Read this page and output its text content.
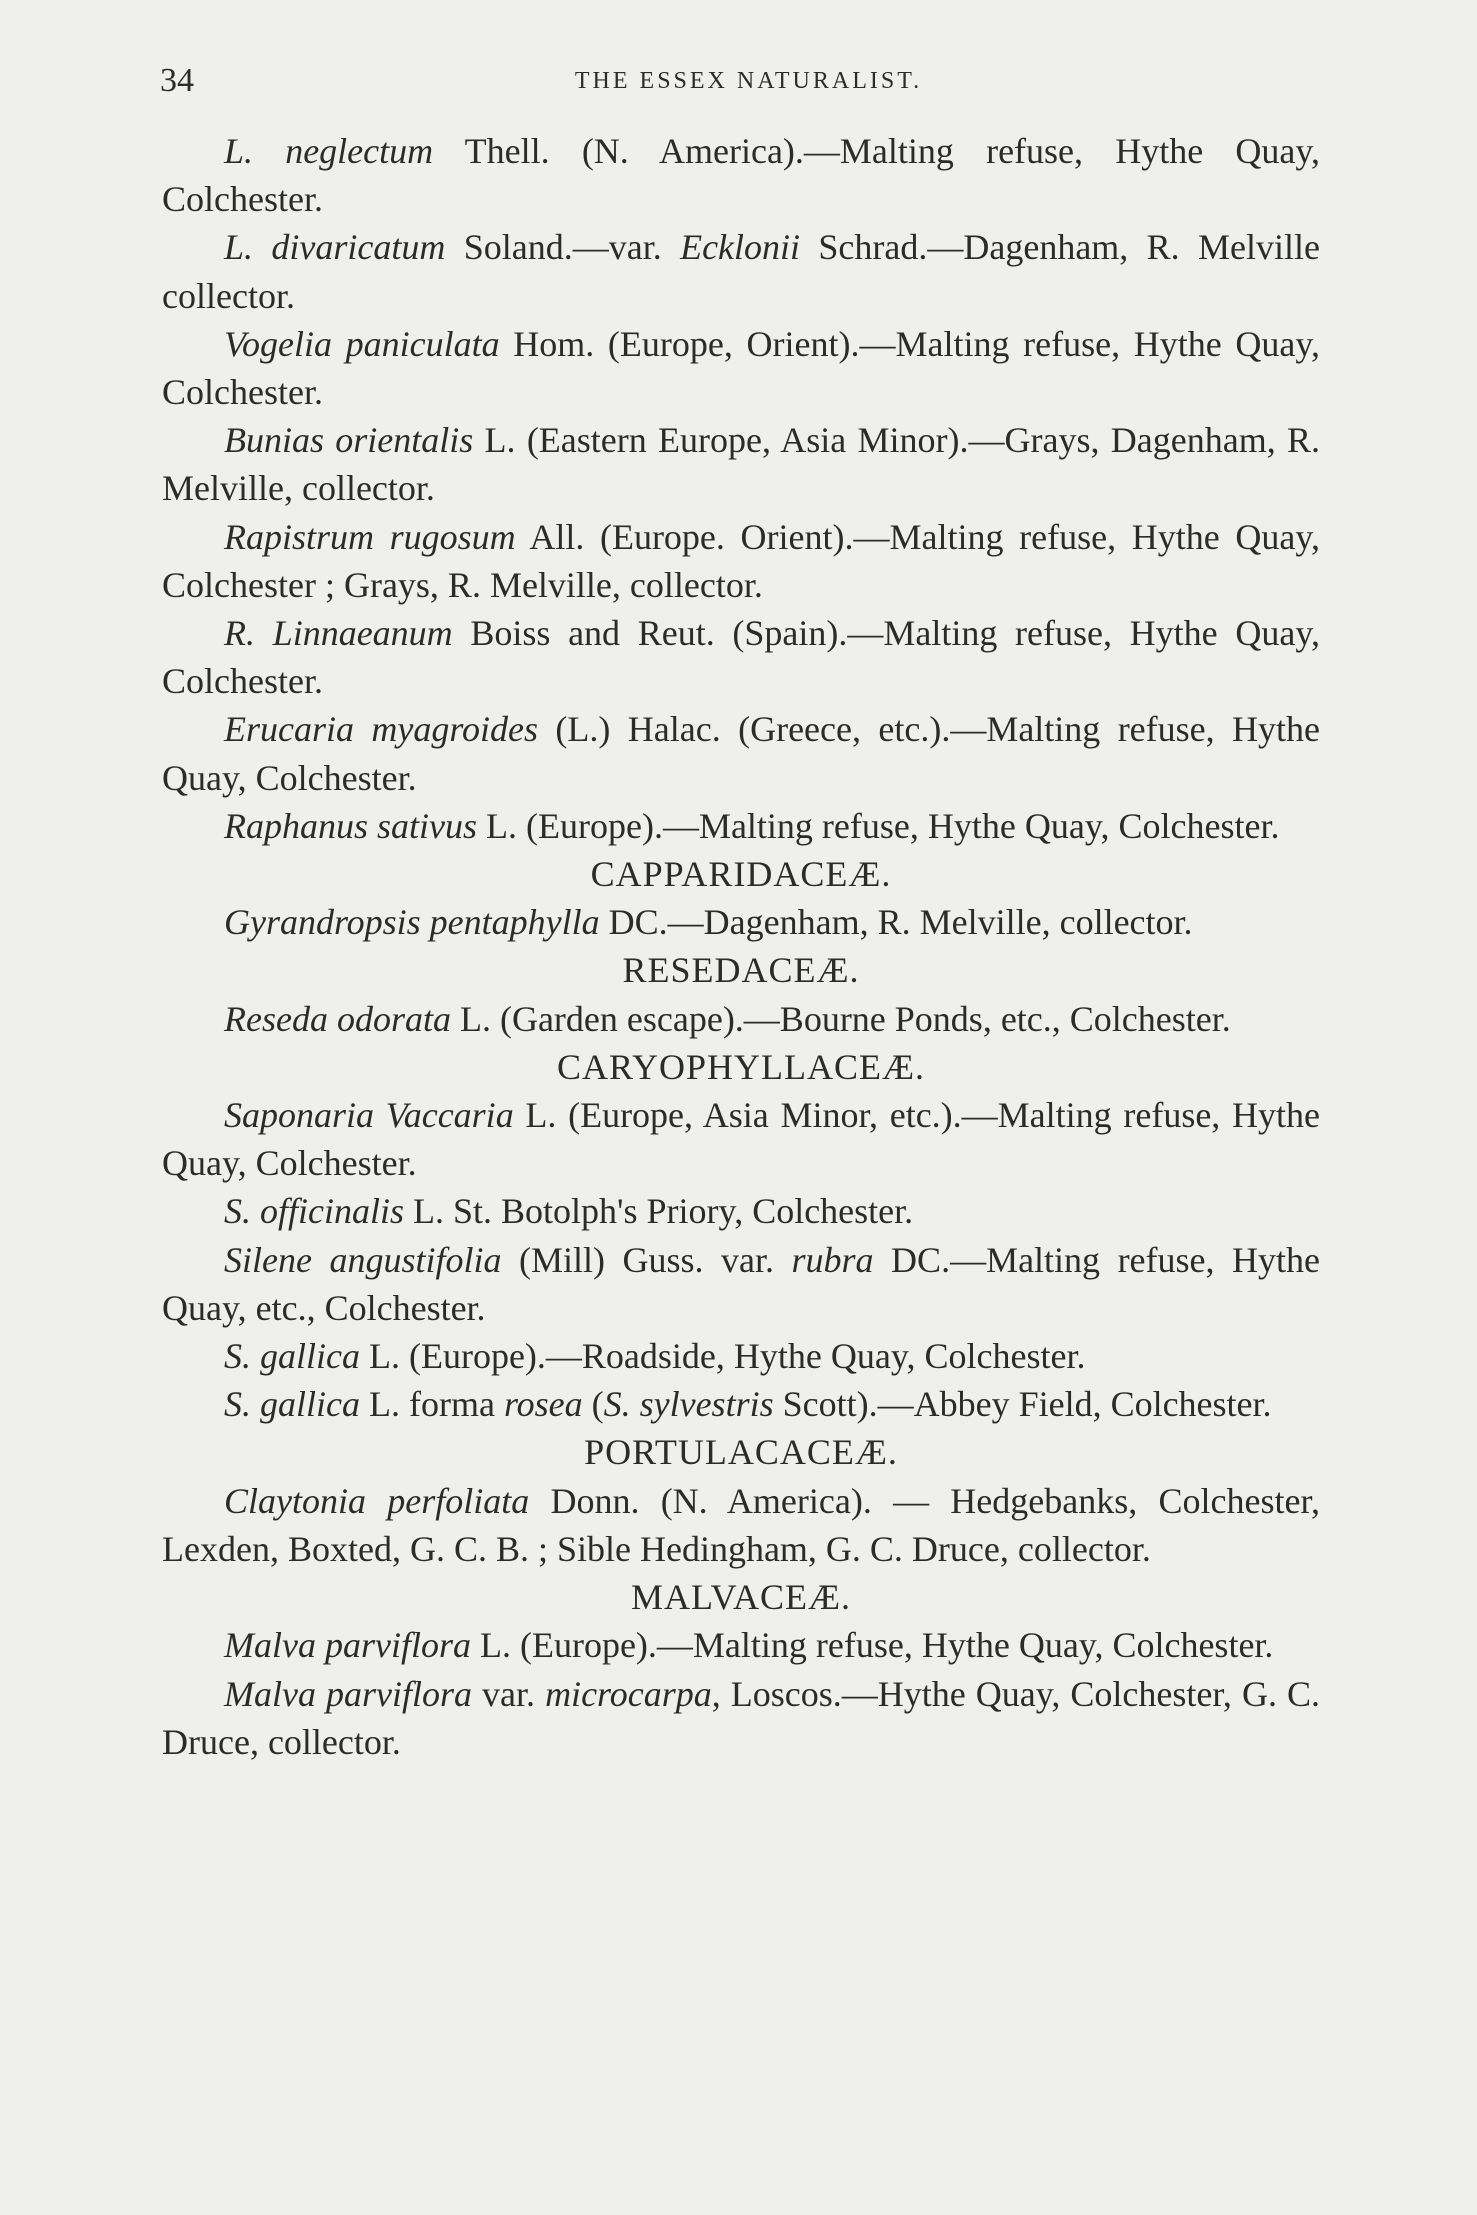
34	THE ESSEX NATURALIST.

L. neglectum Thell. (N. America).—Malting refuse, Hythe Quay, Colchester.

L. divaricatum Soland.—var. Ecklonii Schrad.—Dagenham, R. Melville collector.

Vogelia paniculata Hom. (Europe, Orient).—Malting refuse, Hythe Quay, Colchester.

Bunias orientalis L. (Eastern Europe, Asia Minor).—Grays, Dagenham, R. Melville, collector.

Rapistrum rugosum All. (Europe. Orient).—Malting refuse, Hythe Quay, Colchester ; Grays, R. Melville, collector.

R. Linnaeanum Boiss and Reut. (Spain).—Malting refuse, Hythe Quay, Colchester.

Erucaria myagroides (L.) Halac. (Greece, etc.).—Malting refuse, Hythe Quay, Colchester.

Raphanus sativus L. (Europe).—Malting refuse, Hythe Quay, Colchester.

CAPPARIDACEÆ.

Gyrandropsis pentaphylla DC.—Dagenham, R. Melville, collector.

RESEDACEÆ.

Reseda odorata L. (Garden escape).—Bourne Ponds, etc., Colchester.

CARYOPHYLLACEÆ.

Saponaria Vaccaria L. (Europe, Asia Minor, etc.).—Malting refuse, Hythe Quay, Colchester.

S. officinalis L. St. Botolph's Priory, Colchester.

Silene angustifolia (Mill) Guss. var. rubra DC.—Malting refuse, Hythe Quay, etc., Colchester.

S. gallica L. (Europe).—Roadside, Hythe Quay, Colchester.

S. gallica L. forma rosea (S. sylvestris Scott).—Abbey Field, Colchester.

PORTULACACEÆ.

Claytonia perfoliata Donn. (N. America). — Hedgebanks, Colchester, Lexden, Boxted, G. C. B. ; Sible Hedingham, G. C. Druce, collector.

MALVACEÆ.

Malva parviflora L. (Europe).—Malting refuse, Hythe Quay, Colchester.

Malva parviflora var. microcarpa, Loscos.—Hythe Quay, Colchester, G. C. Druce, collector.
